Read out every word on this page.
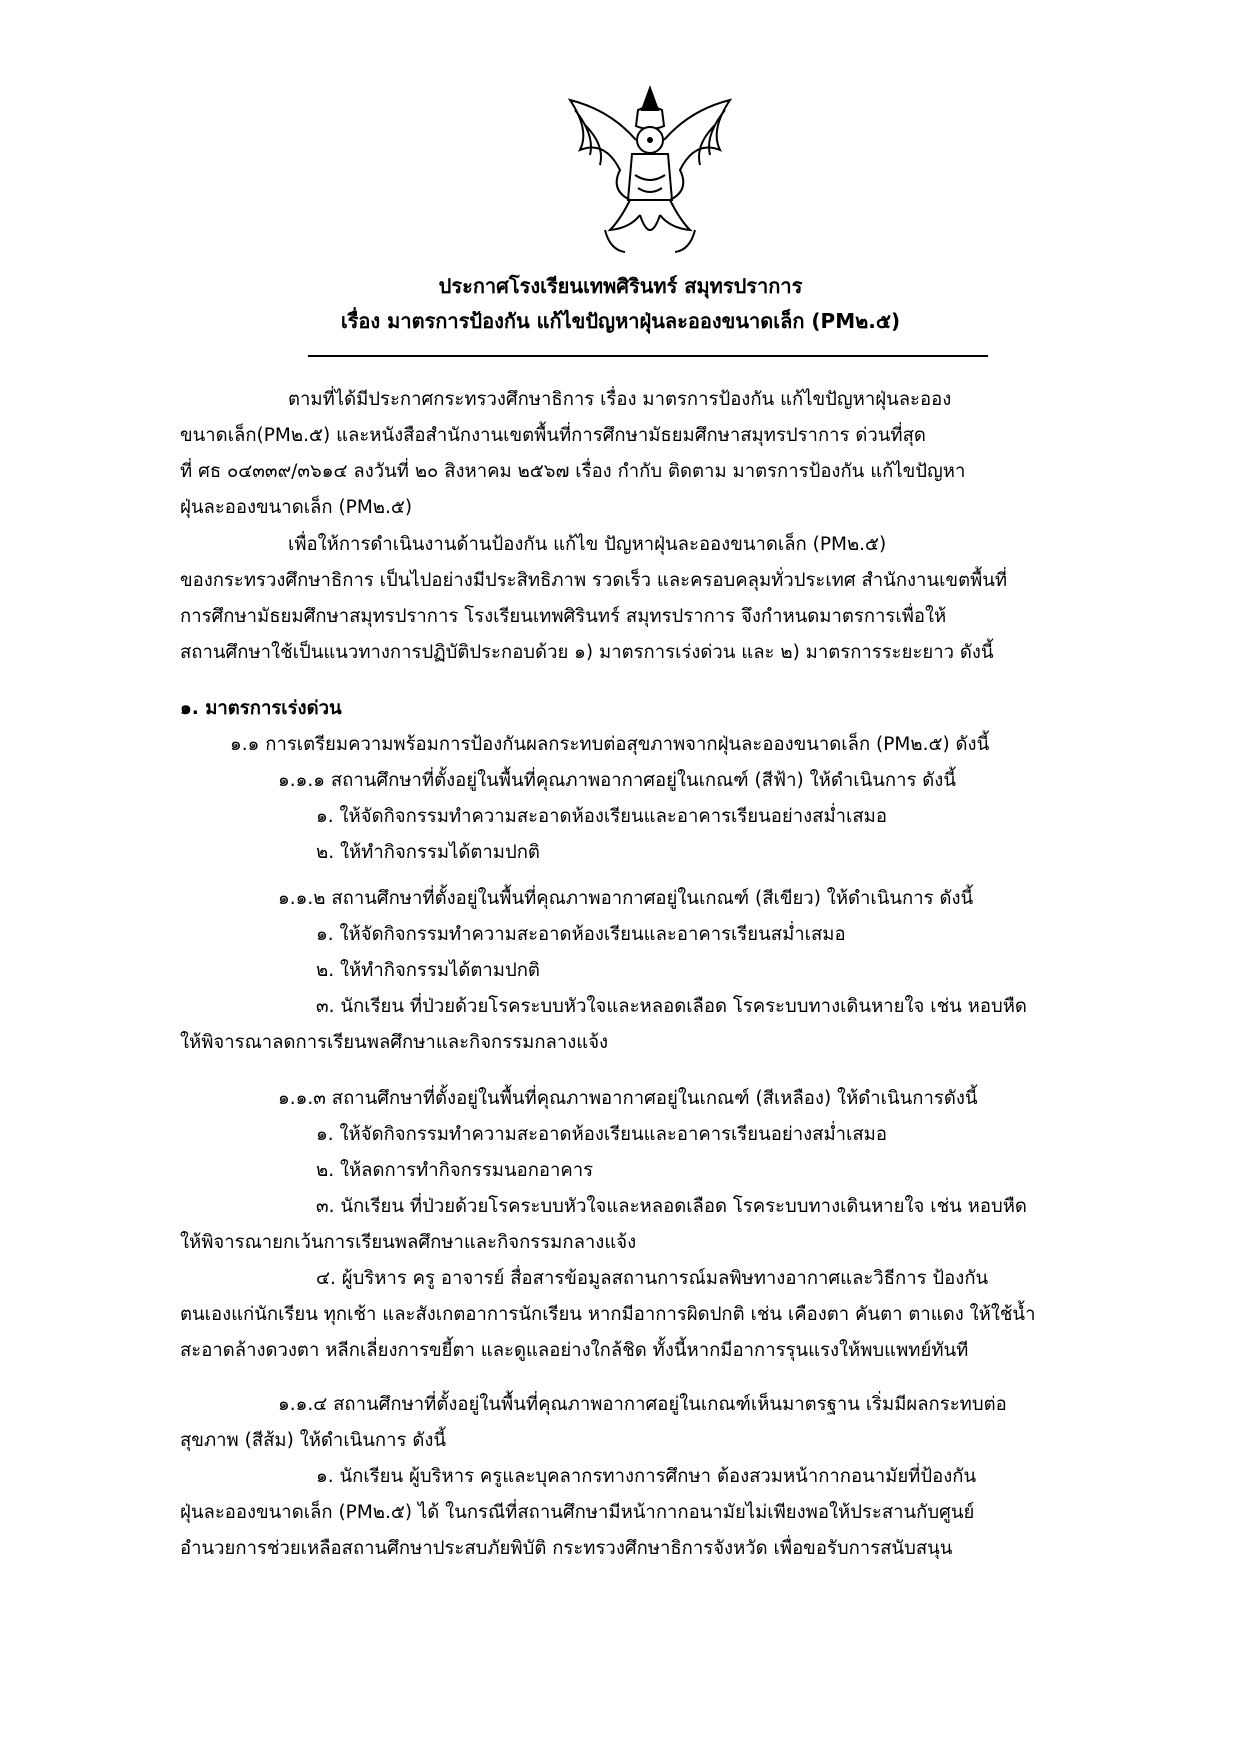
ประกาศโรงเรียนเทพศิรินทร์ สมุทรปราการ
เรื่อง มาตรการป้องกัน แก้ไขปัญหาฝุ่นละอองขนาดเล็ก (PM๒.๕)
ตามที่ได้มีประกาศกระทรวงศึกษาธิการ เรื่อง มาตรการป้องกัน แก้ไขปัญหาฝุ่นละออง
ขนาดเล็ก(PM๒.๕) และหนังสือสำนักงานเขตพื้นที่การศึกษามัธยมศึกษาสมุทรปราการ ด่วนที่สุด
ที่ ศธ ๐๔๓๓๙/๓๖๑๔ ลงวันที่ ๒๐ สิงหาคม ๒๕๖๗ เรื่อง กำกับ ติดตาม มาตรการป้องกัน แก้ไขปัญหา
ฝุ่นละอองขนาดเล็ก (PM๒.๕)
เพื่อให้การดำเนินงานด้านป้องกัน แก้ไข ปัญหาฝุ่นละอองขนาดเล็ก (PM๒.๕)
ของกระทรวงศึกษาธิการ เป็นไปอย่างมีประสิทธิภาพ รวดเร็ว และครอบคลุมทั่วประเทศ สำนักงานเขตพื้นที่
การศึกษามัธยมศึกษาสมุทรปราการ โรงเรียนเทพศิรินทร์ สมุทรปราการ จึงกำหนดมาตรการเพื่อให้
สถานศึกษาใช้เป็นแนวทางการปฏิบัติประกอบด้วย ๑) มาตรการเร่งด่วน และ ๒) มาตรการระยะยาว ดังนี้
๑. มาตรการเร่งด่วน
๑.๑ การเตรียมความพร้อมการป้องกันผลกระทบต่อสุขภาพจากฝุ่นละอองขนาดเล็ก (PM๒.๕) ดังนี้
๑.๑.๑ สถานศึกษาที่ตั้งอยู่ในพื้นที่คุณภาพอากาศอยู่ในเกณฑ์ (สีฟ้า) ให้ดำเนินการ ดังนี้
๑. ให้จัดกิจกรรมทำความสะอาดห้องเรียนและอาคารเรียนอย่างสม่ำเสมอ
๒. ให้ทำกิจกรรมได้ตามปกติ
๑.๑.๒ สถานศึกษาที่ตั้งอยู่ในพื้นที่คุณภาพอากาศอยู่ในเกณฑ์ (สีเขียว) ให้ดำเนินการ ดังนี้
๑. ให้จัดกิจกรรมทำความสะอาดห้องเรียนและอาคารเรียนสม่ำเสมอ
๒. ให้ทำกิจกรรมได้ตามปกติ
๓. นักเรียน ที่ป่วยด้วยโรคระบบหัวใจและหลอดเลือด โรคระบบทางเดินหายใจ เช่น หอบหืด
ให้พิจารณาลดการเรียนพลศึกษาและกิจกรรมกลางแจ้ง
๑.๑.๓ สถานศึกษาที่ตั้งอยู่ในพื้นที่คุณภาพอากาศอยู่ในเกณฑ์ (สีเหลือง) ให้ดำเนินการดังนี้
๑. ให้จัดกิจกรรมทำความสะอาดห้องเรียนและอาคารเรียนอย่างสม่ำเสมอ
๒. ให้ลดการทำกิจกรรมนอกอาคาร
๓. นักเรียน ที่ป่วยด้วยโรคระบบหัวใจและหลอดเลือด โรคระบบทางเดินหายใจ เช่น หอบหืด
ให้พิจารณายกเว้นการเรียนพลศึกษาและกิจกรรมกลางแจ้ง
๔. ผู้บริหาร ครู อาจารย์ สื่อสารข้อมูลสถานการณ์มลพิษทางอากาศและวิธีการ ป้องกัน
ตนเองแก่นักเรียน ทุกเช้า และสังเกตอาการนักเรียน หากมีอาการผิดปกติ เช่น เคืองตา คันตา ตาแดง ให้ใช้น้ำ
สะอาดล้างดวงตา หลีกเลี่ยงการขยี้ตา และดูแลอย่างใกล้ชิด ทั้งนี้หากมีอาการรุนแรงให้พบแพทย์ทันที
๑.๑.๔ สถานศึกษาที่ตั้งอยู่ในพื้นที่คุณภาพอากาศอยู่ในเกณฑ์เห็นมาตรฐาน เริ่มมีผลกระทบต่อ
สุขภาพ (สีส้ม) ให้ดำเนินการ ดังนี้
๑. นักเรียน ผู้บริหาร ครูและบุคลากรทางการศึกษา ต้องสวมหน้ากากอนามัยที่ป้องกัน
ฝุ่นละอองขนาดเล็ก (PM๒.๕) ได้ ในกรณีที่สถานศึกษามีหน้ากากอนามัยไม่เพียงพอให้ประสานกับศูนย์
อำนวยการช่วยเหลือสถานศึกษาประสบภัยพิบัติ กระทรวงศึกษาธิการจังหวัด เพื่อขอรับการสนับสนุน
